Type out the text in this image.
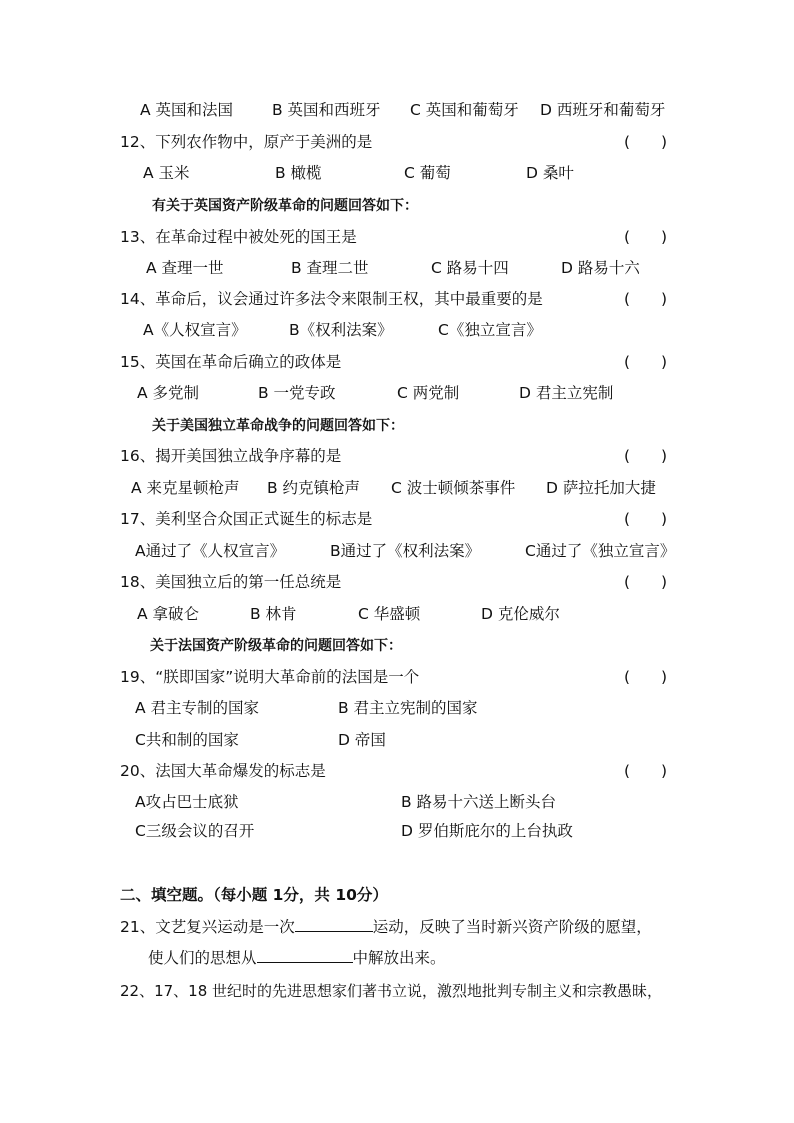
A 英国和法国	B 英国和西班牙 C 英国和葡萄牙 D 西班牙和葡萄牙
12、下列农作物中，原产于美洲的是	(　　)
A 玉米	B 橄榄	C 葡萄	D 桑叶
有关于英国资产阶级革命的问题回答如下：
13、在革命过程中被处死的国王是	(　　)
A 查理一世	B 查理二世	C 路易十四	D 路易十六
14、革命后，议会通过许多法令来限制王权，其中最重要的是	(　　)
A《人权宣言》	B《权利法案》	C《独立宣言》
15、英国在革命后确立的政体是	(　　)
A 多党制	B 一党专政	C 两党制	D 君主立宪制
关于美国独立革命战争的问题回答如下：
16、揭开美国独立战争序幕的是	(　　)
A 来克星顿枪声 B 约克镇枪声 C 波士顿倾茶事件 D 萨拉托加大捷
17、美利坚合众国正式诞生的标志是	(　　)
A通过了《人权宣言》	B通过了《权利法案》	C通过了《独立宣言》
18、美国独立后的第一任总统是	(　　)
A 拿破仑	B 林肯	C 华盛顿	D 克伦威尔
关于法国资产阶级革命的问题回答如下：
19、“朕即国家”说明大革命前的法国是一个	(　　)
A 君主专制的国家	B 君主立宪制的国家
C共和制的国家	D 帝国
20、法国大革命爆发的标志是	(　　)
A攻占巴士底狱	B 路易十六送上断头台
C三级会议的召开	D 罗伯斯庇尔的上台执政
二、填空题。（每小题 1分，共 10分）
21、文艺复兴运动是一次	运动，反映了当时新兴资产阶级的愿望，
使人们的思想从	中解放出来。
22、17、18 世纪时的先进思想家们著书立说，激烈地批判专制主义和宗教愚昧，
